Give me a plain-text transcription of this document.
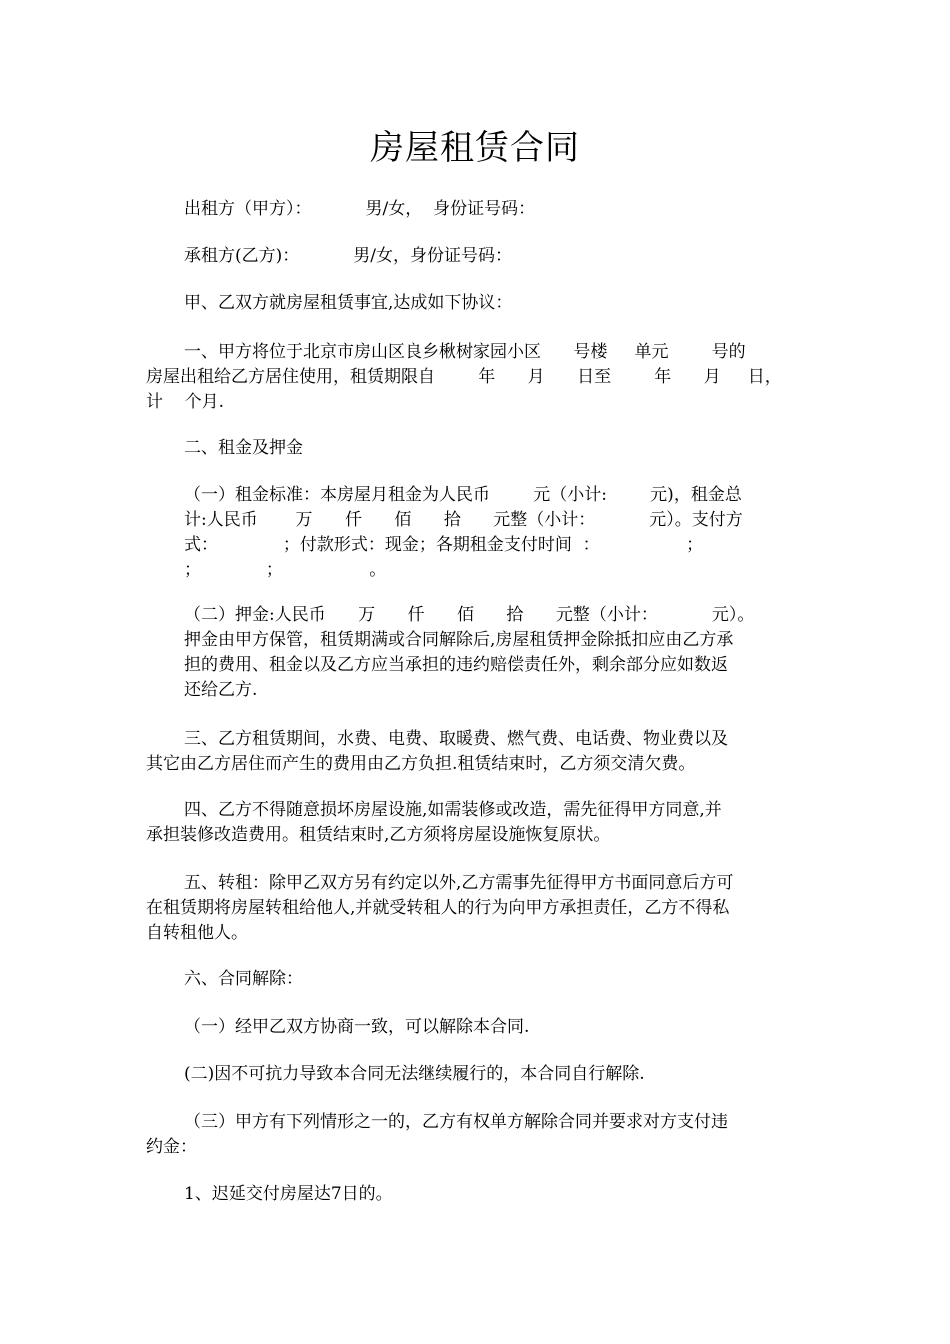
房屋租赁合同
出租方（甲方）：          男/女，  身份证号码：
承租方(乙方)：          男/女，身份证号码：
甲、乙双方就房屋租赁事宜,达成如下协议：
一、甲方将位于北京市房山区良乡楸树家园小区      号楼     单元        号的
房屋出租给乙方居住使用，租赁期限自        年      月      日至        年      月     日，
计    个月.
二、租金及押金
（一）租金标准：本房屋月租金为人民币        元（小计:        元)，租金总
计:人民币       万      仟      佰      拾      元整（小计：          元）。支付方
式：            ；付款形式：现金；各期租金支付时间  ：                ；
；            ；                。
（二）押金:人民币      万      仟      佰      拾      元整（小计：          元）。
押金由甲方保管，租赁期满或合同解除后,房屋租赁押金除抵扣应由乙方承
担的费用、租金以及乙方应当承担的违约赔偿责任外，剩余部分应如数返
还给乙方.
三、乙方租赁期间，水费、电费、取暖费、燃气费、电话费、物业费以及
其它由乙方居住而产生的费用由乙方负担.租赁结束时，乙方须交清欠费。
四、乙方不得随意损坏房屋设施,如需装修或改造，需先征得甲方同意,并
承担装修改造费用。租赁结束时,乙方须将房屋设施恢复原状。
五、转租：除甲乙双方另有约定以外,乙方需事先征得甲方书面同意后方可
在租赁期将房屋转租给他人,并就受转租人的行为向甲方承担责任，乙方不得私
自转租他人。
六、合同解除：
（一）经甲乙双方协商一致，可以解除本合同.
(二)因不可抗力导致本合同无法继续履行的，本合同自行解除.
（三）甲方有下列情形之一的，乙方有权单方解除合同并要求对方支付违
约金：
1、迟延交付房屋达7日的。
